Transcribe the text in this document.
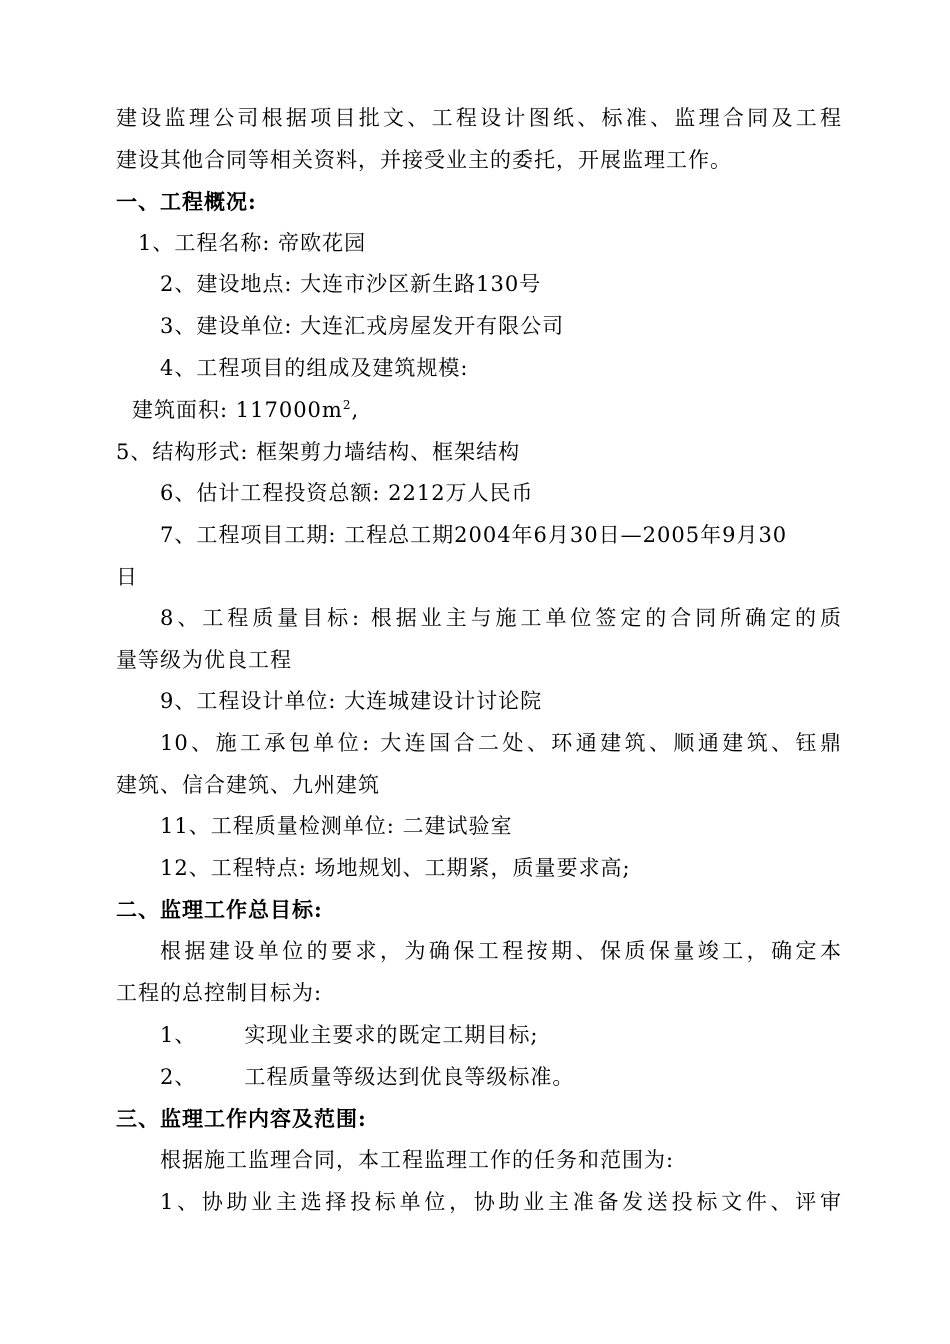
建设监理公司根据项目批文、工程设计图纸、标准、监理合同及工程
建设其他合同等相关资料，并接受业主的委托，开展监理工作。
一、工程概况:
1、工程名称: 帝欧花园
2、建设地点: 大连市沙区新生路130号
3、建设单位: 大连汇戎房屋发开有限公司
4、工程项目的组成及建筑规模:
建筑面积: $117000m^2$,
5、结构形式: 框架剪力墙结构、框架结构
6、估计工程投资总额: 2212万人民币
7、工程项目工期: 工程总工期2004年6月30日—2005年9月30
日
8、工程质量目标: 根据业主与施工单位签定的合同所确定的质
量等级为优良工程
9、工程设计单位: 大连城建设计讨论院
10、施工承包单位: 大连国合二处、环通建筑、顺通建筑、钰鼎
建筑、信合建筑、九州建筑
11、工程质量检测单位: 二建试验室
12、工程特点: 场地规划、工期紧，质量要求高;
二、监理工作总目标:
根据建设单位的要求，为确保工程按期、保质保量竣工，确定本
工程的总控制目标为:
1、 实现业主要求的既定工期目标;
2、 工程质量等级达到优良等级标准。
三、监理工作内容及范围:
根据施工监理合同，本工程监理工作的任务和范围为:
1、协助业主选择投标单位，协助业主准备发送投标文件、评审
